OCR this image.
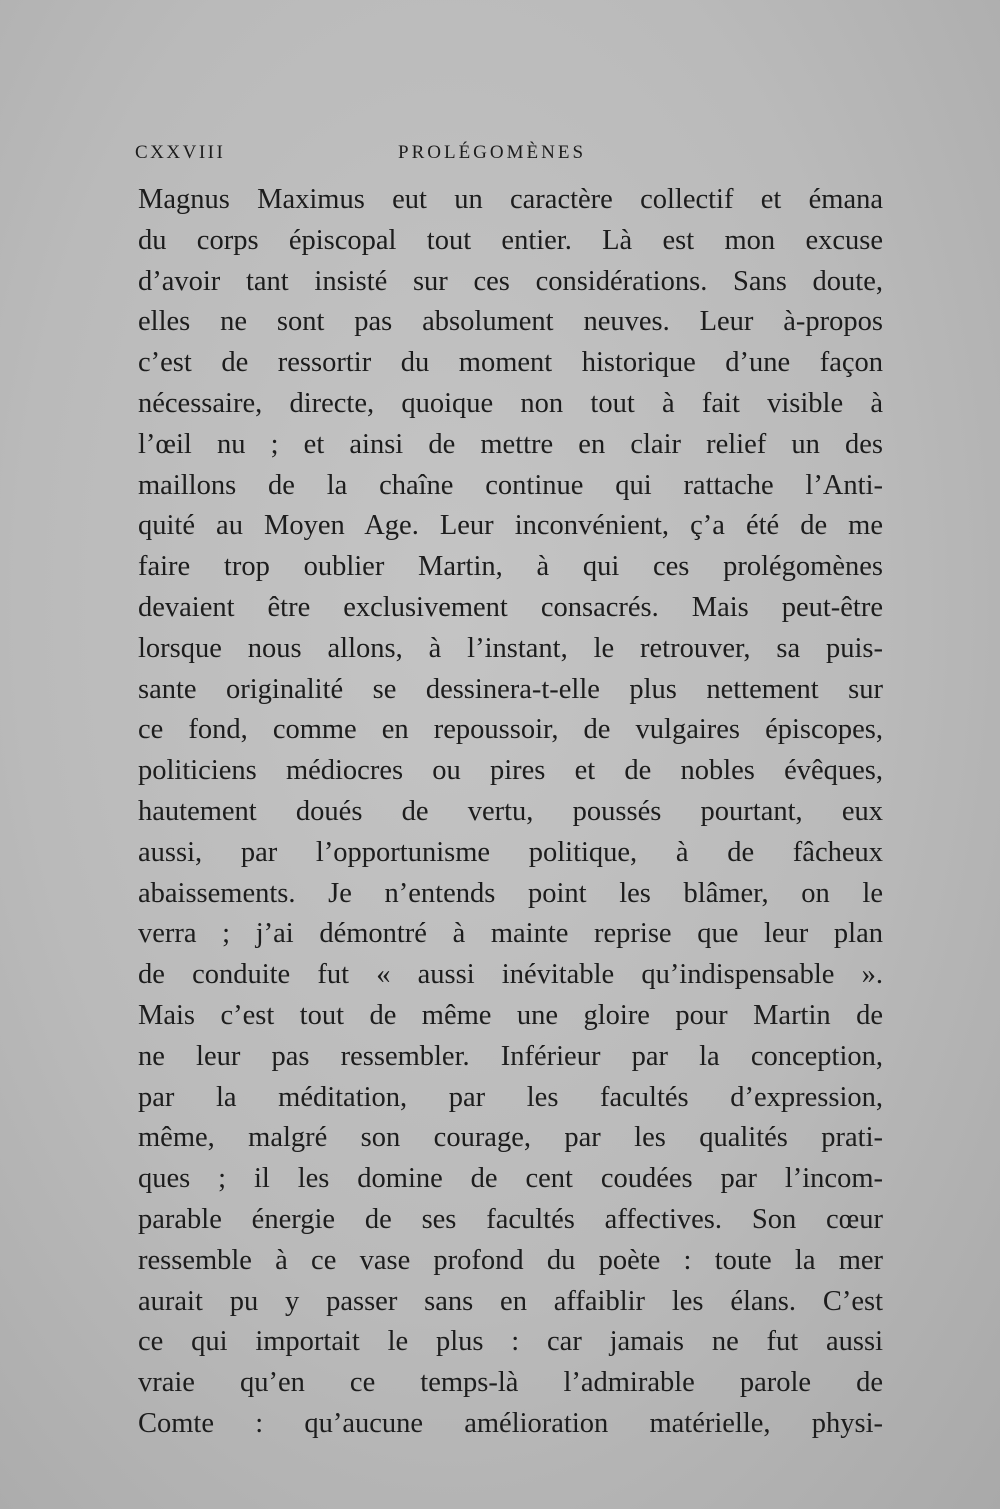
CXXVIII	PROLÉGOMÈNES
Magnus Maximus eut un caractère collectif et émana
du corps épiscopal tout entier. Là est mon excuse
d’avoir tant insisté sur ces considérations. Sans doute,
elles ne sont pas absolument neuves. Leur à-propos
c’est de ressortir du moment historique d’une façon
nécessaire, directe, quoique non tout à fait visible à
l’œil nu ; et ainsi de mettre en clair relief un des
maillons de la chaîne continue qui rattache l’Anti-
quité au Moyen Age. Leur inconvénient, ç’a été de me
faire trop oublier Martin, à qui ces prolégomènes
devaient être exclusivement consacrés. Mais peut-être
lorsque nous allons, à l’instant, le retrouver, sa puis-
sante originalité se dessinera-t-elle plus nettement sur
ce fond, comme en repoussoir, de vulgaires épiscopes,
politiciens médiocres ou pires et de nobles évêques,
hautement doués de vertu, poussés pourtant, eux
aussi, par l’opportunisme politique, à de fâcheux
abaissements. Je n’entends point les blâmer, on le
verra ; j’ai démontré à mainte reprise que leur plan
de conduite fut « aussi inévitable qu’indispensable ».
Mais c’est tout de même une gloire pour Martin de
ne leur pas ressembler. Inférieur par la conception,
par la méditation, par les facultés d’expression,
même, malgré son courage, par les qualités prati-
ques ; il les domine de cent coudées par l’incom-
parable énergie de ses facultés affectives. Son cœur
ressemble à ce vase profond du poète : toute la mer
aurait pu y passer sans en affaiblir les élans. C’est
ce qui importait le plus : car jamais ne fut aussi
vraie qu’en ce temps-là l’admirable parole de
Comte : qu’aucune amélioration matérielle, physi-
